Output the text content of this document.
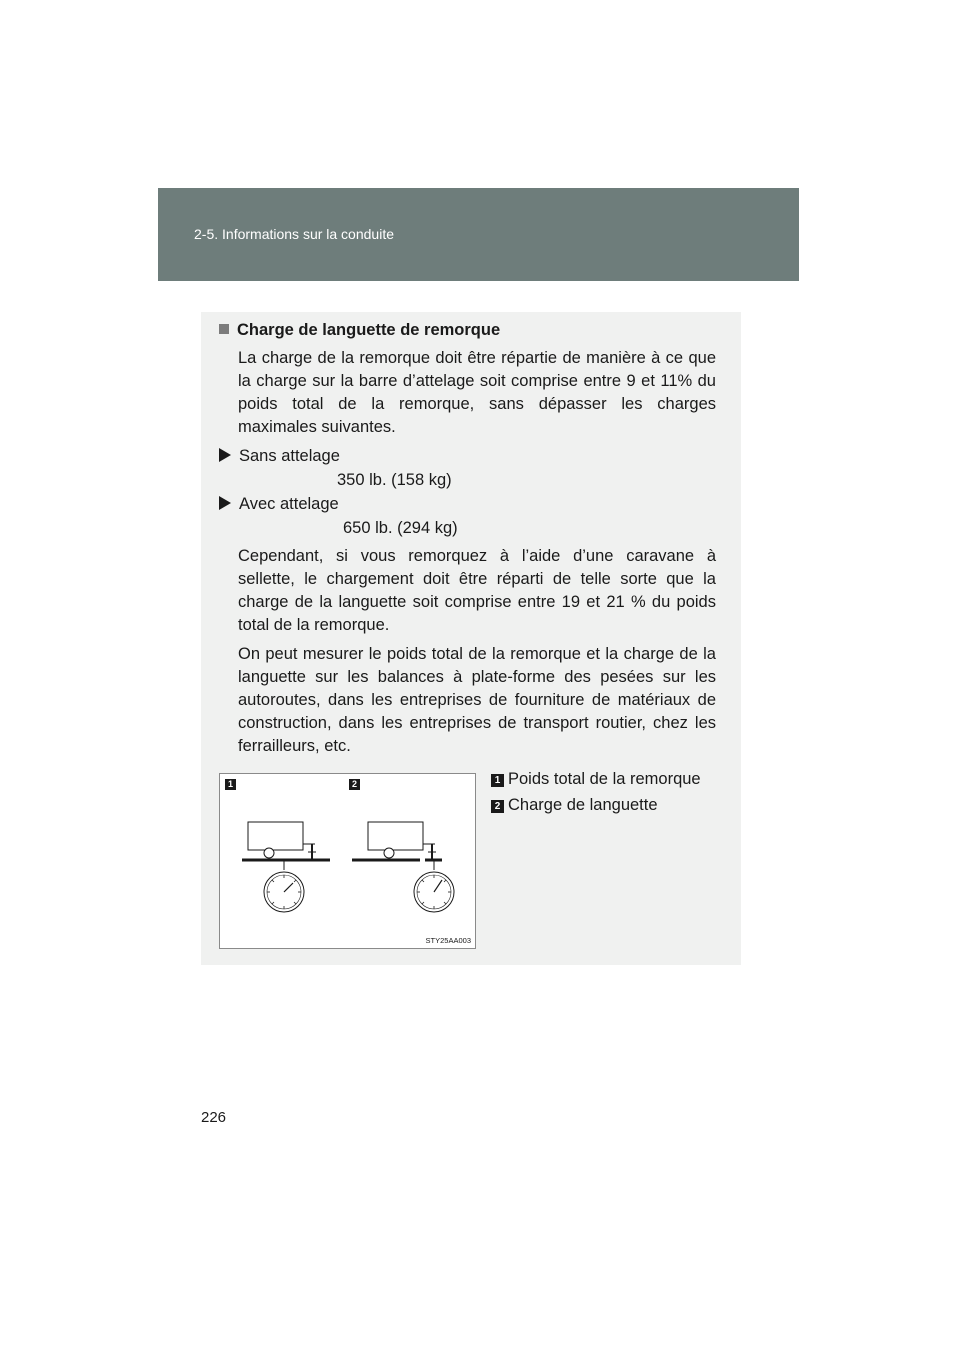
2-5. Informations sur la conduite
Charge de languette de remorque
La charge de la remorque doit être répartie de manière à ce que
la charge sur la barre d’attelage soit comprise entre 9 et 11% du
poids total de la remorque, sans dépasser les charges
maximales suivantes.
Sans attelage
350 lb. (158 kg)
Avec attelage
650 lb. (294 kg)
Cependant, si vous remorquez à l’aide d’une caravane à
sellette, le chargement doit être réparti de telle sorte que la
charge de la languette soit comprise entre 19 et 21 % du poids
total de la remorque.
On peut mesurer le poids total de la remorque et la charge de la
languette sur les balances à plate-forme des pesées sur les
autoroutes, dans les entreprises de fourniture de matériaux de
construction, dans les entreprises de transport routier, chez les
ferrailleurs, etc.
1	2
STY25AA003
1 Poids total de la remorque
2 Charge de languette
226
